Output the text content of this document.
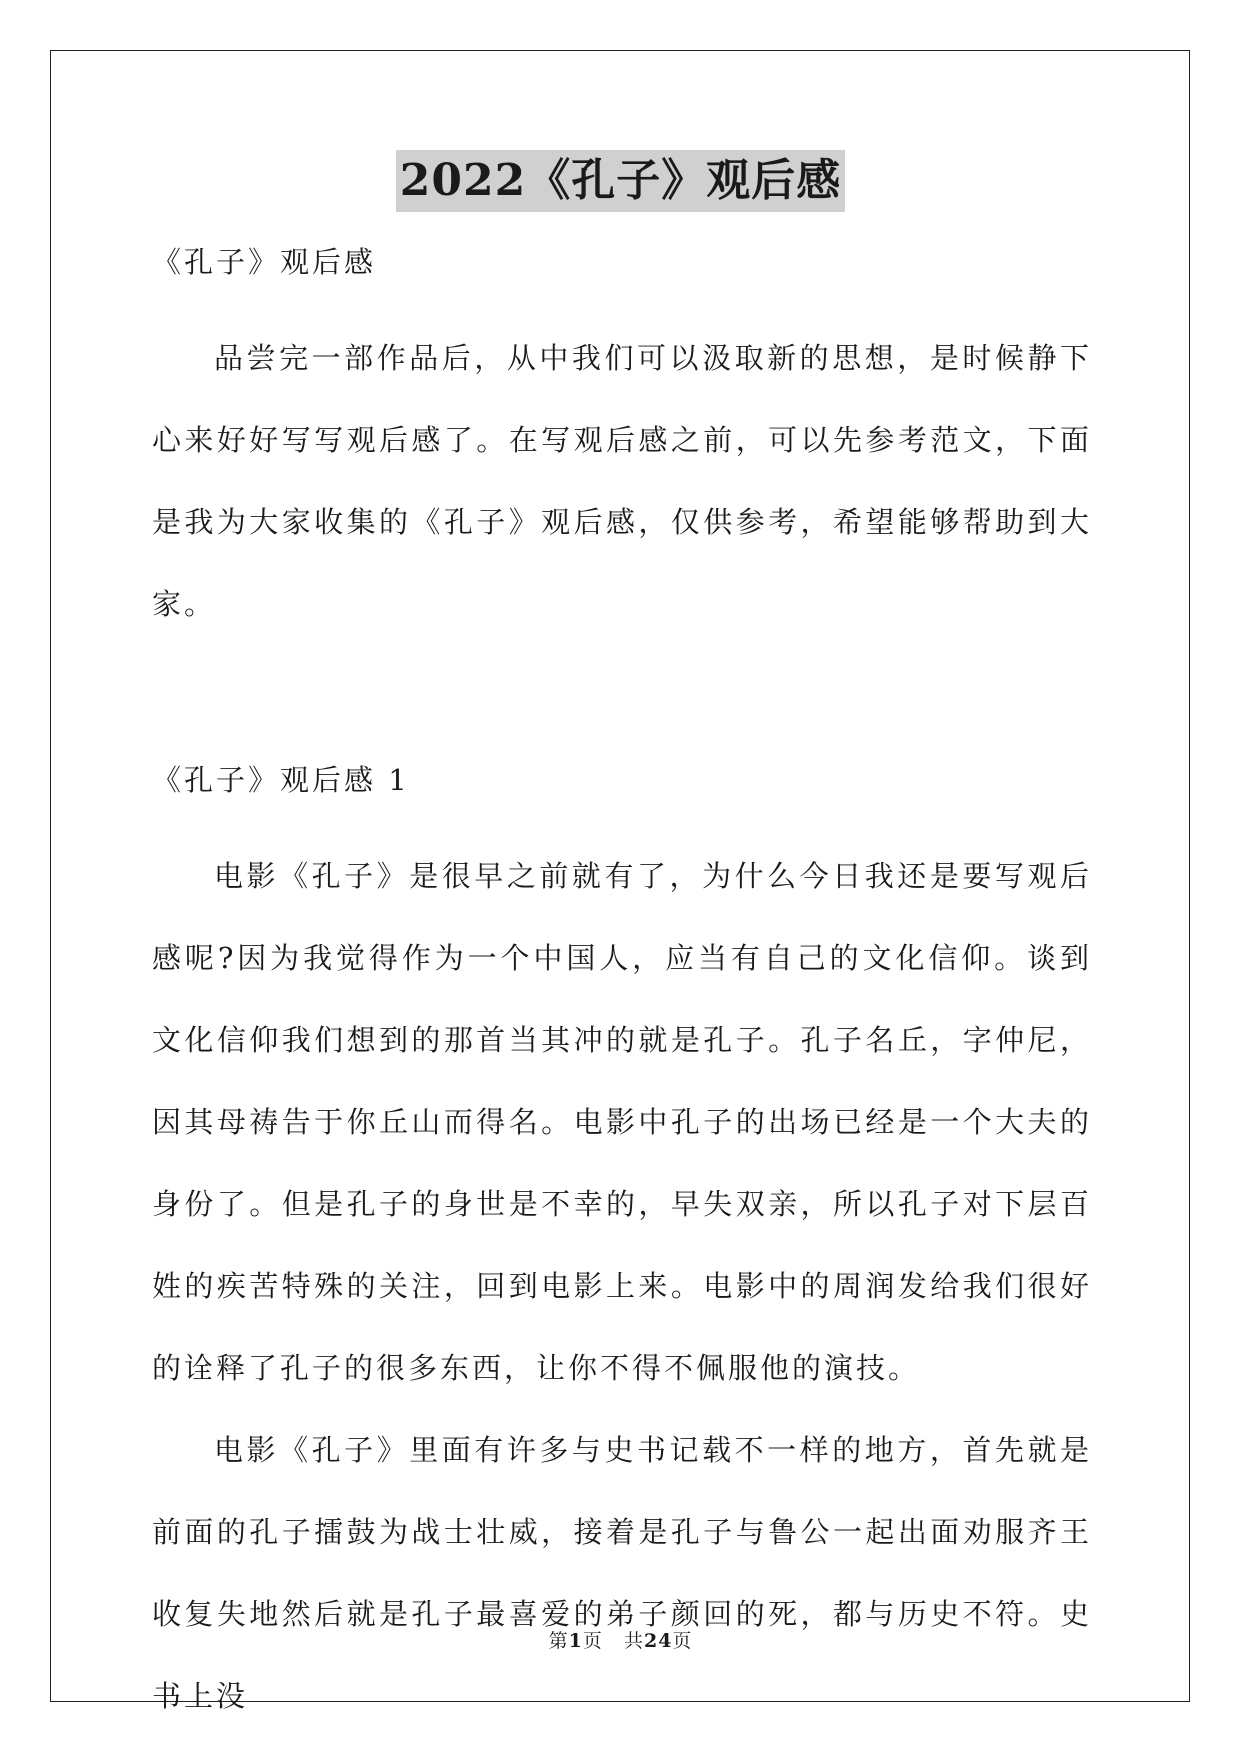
2022《孔子》观后感

《孔子》观后感

品尝完一部作品后，从中我们可以汲取新的思想，是时候静下心来好好写写观后感了。在写观后感之前，可以先参考范文，下面是我为大家收集的《孔子》观后感，仅供参考，希望能够帮助到大家。

《孔子》观后感 1

电影《孔子》是很早之前就有了，为什么今日我还是要写观后感呢?因为我觉得作为一个中国人，应当有自己的文化信仰。谈到文化信仰我们想到的那首当其冲的就是孔子。孔子名丘，字仲尼，因其母祷告于你丘山而得名。电影中孔子的出场已经是一个大夫的身份了。但是孔子的身世是不幸的，早失双亲，所以孔子对下层百姓的疾苦特殊的关注，回到电影上来。电影中的周润发给我们很好的诠释了孔子的很多东西，让你不得不佩服他的演技。

电影《孔子》里面有许多与史书记载不一样的地方，首先就是前面的孔子擂鼓为战士壮威，接着是孔子与鲁公一起出面劝服齐王收复失地然后就是孔子最喜爱的弟子颜回的死，都与历史不符。史书上没

第1页 共24页
